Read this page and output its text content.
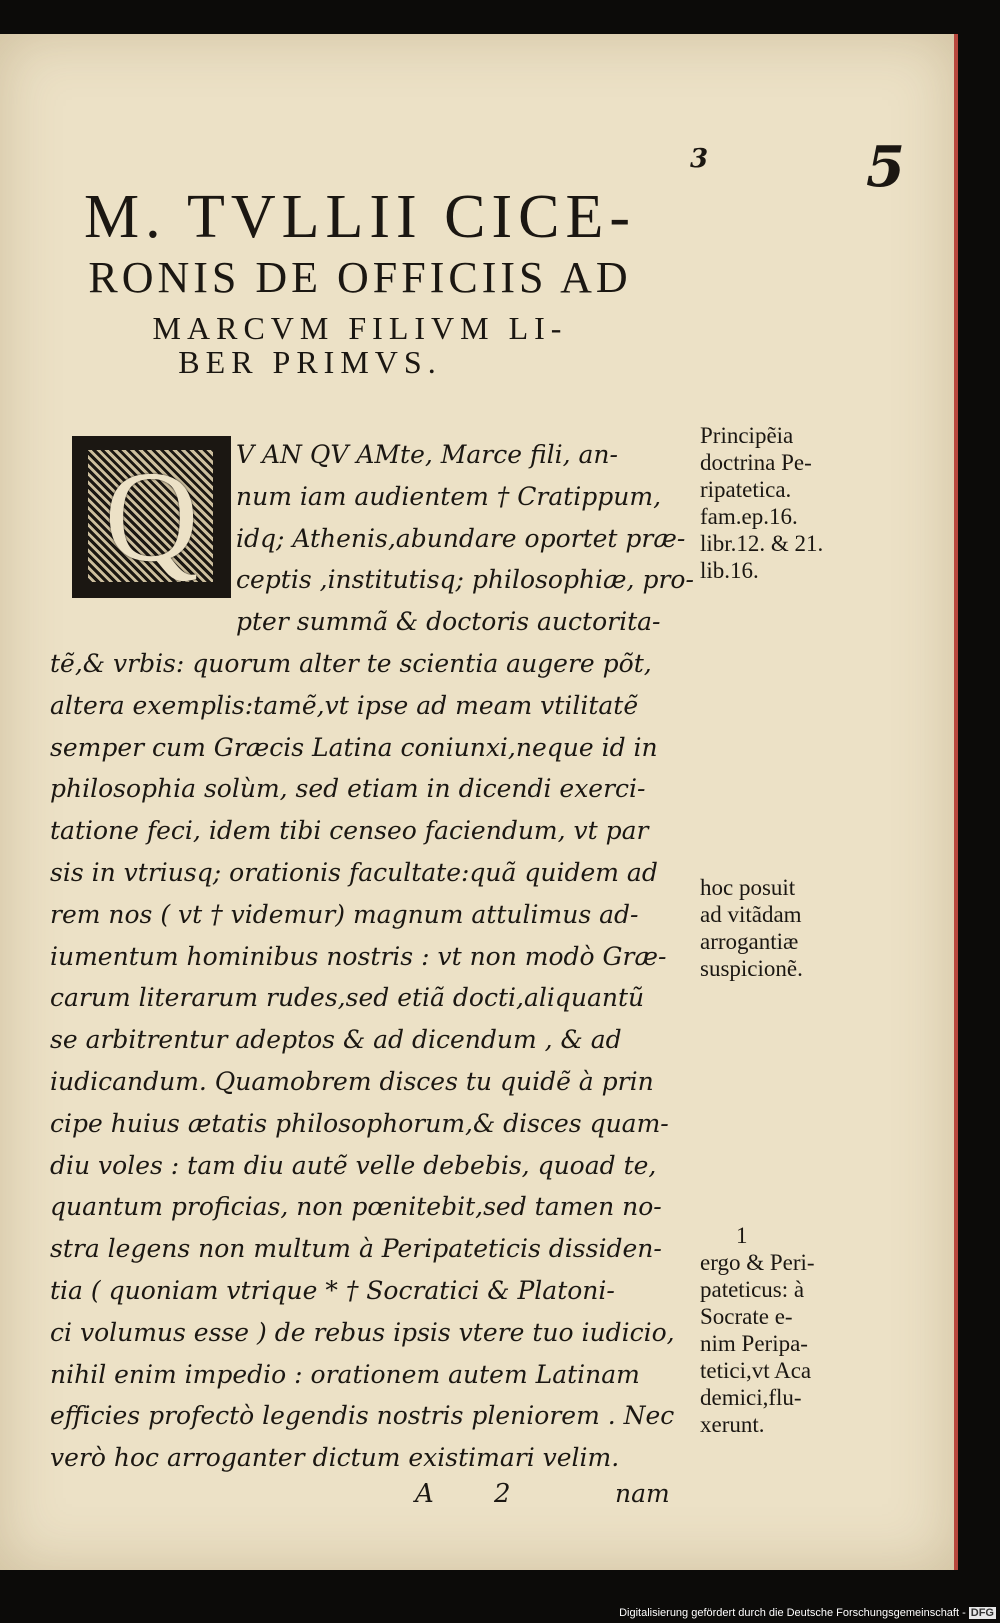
5
3
M. TVLLII CICE-
RONIS DE OFFICIIS AD
MARCVM FILIVM LI-
BER PRIMVS.
Q	V AN QV AMte, Marce fili, an-
num iam audientem † Cratippum,
idq; Athenis,abundare oportet præ-
ceptis ,institutisq; philosophiæ, pro-
pter summã & doctoris auctorita-
tẽ,& vrbis: quorum alter te scientia augere põt,
altera exemplis:tamẽ,vt ipse ad meam vtilitatẽ
semper cum Græcis Latina coniunxi,neque id in
philosophia solùm, sed etiam in dicendi exerci-
tatione feci, idem tibi censeo faciendum, vt par
sis in vtriusq; orationis facultate:quã quidem ad
rem nos ( vt † videmur) magnum attulimus ad-
iumentum hominibus nostris : vt non modò Græ-
carum literarum rudes,sed etiã docti,aliquantũ
se arbitrentur adeptos & ad dicendum , & ad
iudicandum. Quamobrem disces tu quidẽ à prin
cipe huius ætatis philosophorum,& disces quam-
diu voles : tam diu autẽ velle debebis, quoad te,
quantum proficias, non pœnitebit,sed tamen no-
stra legens non multum à Peripateticis dissiden-
tia ( quoniam vtrique * † Socratici & Platoni-
ci volumus esse ) de rebus ipsis vtere tuo iudicio,
nihil enim impedio : orationem autem Latinam
efficies profectò legendis nostris pleniorem . Nec
verò hoc arroganter dictum existimari velim.
Principẽia
doctrina Pe-
ripatetica.
fam.ep.16.
libr.12. & 21.
lib.16.
hoc posuit
ad vitãdam
arrogantiæ
suspicionẽ.
1
ergo & Peri-
pateticus: à
Socrate e-
nim Peripa-
tetici,vt Aca
demici,flu-
xerunt.
A 2	nam
Digitalisierung gefördert durch die Deutsche Forschungsgemeinschaft - DFG
